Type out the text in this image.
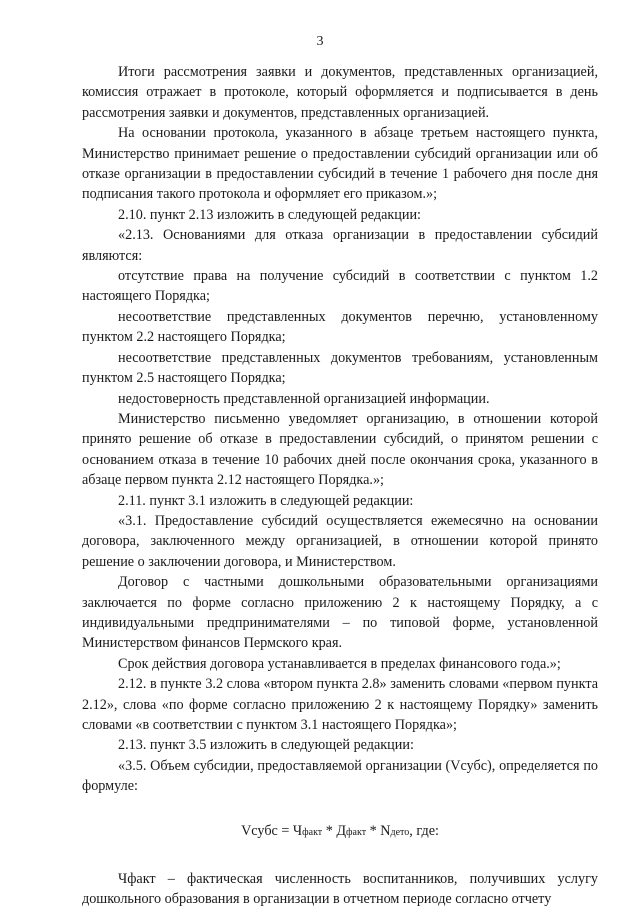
3

Итоги рассмотрения заявки и документов, представленных организацией, комиссия отражает в протоколе, который оформляется и подписывается в день рассмотрения заявки и документов, представленных организацией.

На основании протокола, указанного в абзаце третьем настоящего пункта, Министерство принимает решение о предоставлении субсидий организации или об отказе организации в предоставлении субсидий в течение 1 рабочего дня после дня подписания такого протокола и оформляет его приказом.»;

2.10. пункт 2.13 изложить в следующей редакции:

«2.13. Основаниями для отказа организации в предоставлении субсидий являются:

отсутствие права на получение субсидий в соответствии с пунктом 1.2 настоящего Порядка;

несоответствие представленных документов перечню, установленному пунктом 2.2 настоящего Порядка;

несоответствие представленных документов требованиям, установленным пунктом 2.5 настоящего Порядка;

недостоверность представленной организацией информации.

Министерство письменно уведомляет организацию, в отношении которой принято решение об отказе в предоставлении субсидий, о принятом решении с основанием отказа в течение 10 рабочих дней после окончания срока, указанного в абзаце первом пункта 2.12 настоящего Порядка.»;

2.11. пункт 3.1 изложить в следующей редакции:

«3.1. Предоставление субсидий осуществляется ежемесячно на основании договора, заключенного между организацией, в отношении которой принято решение о заключении договора, и Министерством.

Договор с частными дошкольными образовательными организациями заключается по форме согласно приложению 2 к настоящему Порядку, а с индивидуальными предпринимателями – по типовой форме, установленной Министерством финансов Пермского края.

Срок действия договора устанавливается в пределах финансового года.»;

2.12. в пункте 3.2 слова «втором пункта 2.8» заменить словами «первом пункта 2.12», слова «по форме согласно приложению 2 к настоящему Порядку» заменить словами «в соответствии с пунктом 3.1 настоящего Порядка»;

2.13. пункт 3.5 изложить в следующей редакции:

«3.5. Объем субсидии, предоставляемой организации (Vсубс), определяется по формуле:

Vсубс = Чфакт * Дфакт * Nдето, где:

Чфакт – фактическая численность воспитанников, получивших услугу дошкольного образования в организации в отчетном периоде согласно отчету
